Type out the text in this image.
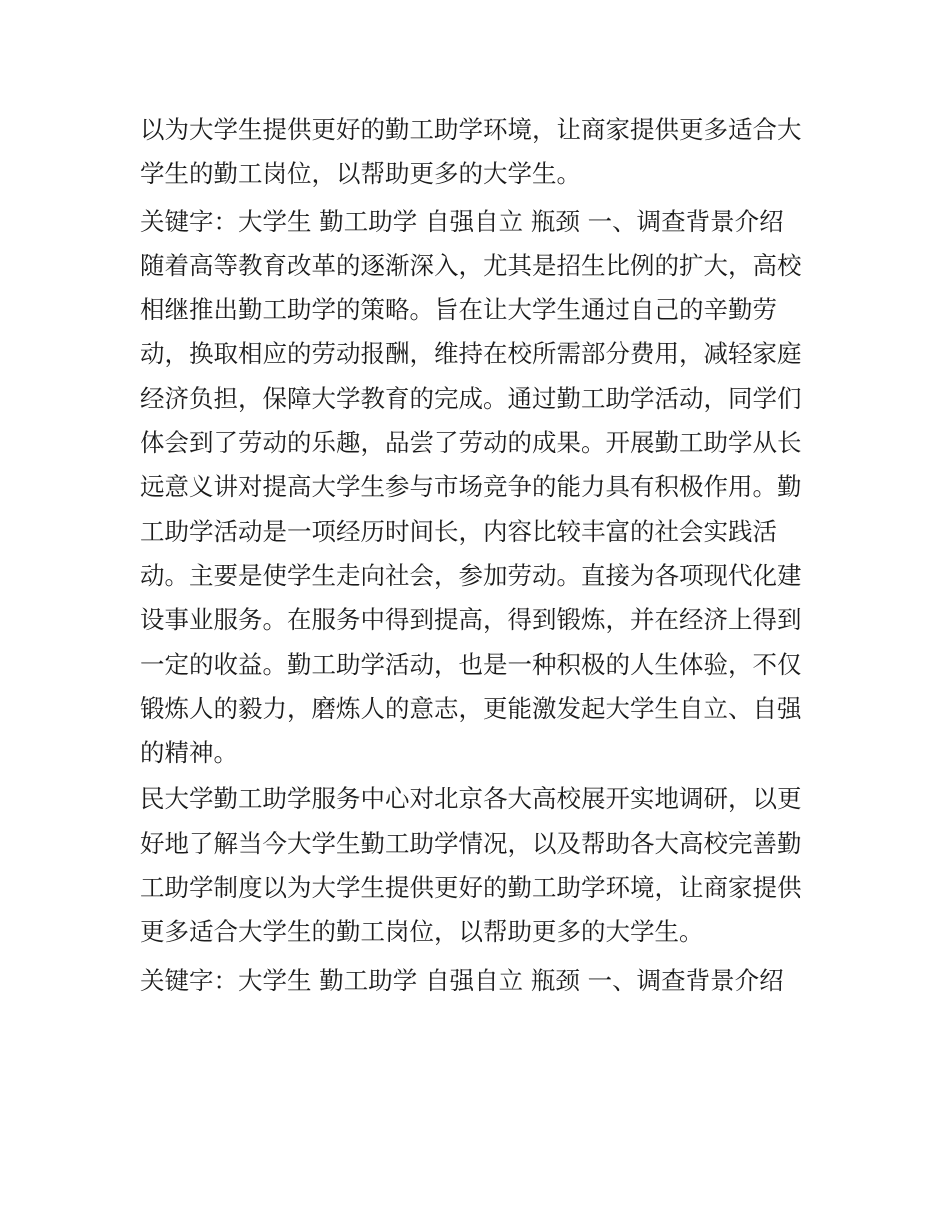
以为大学生提供更好的勤工助学环境，让商家提供更多适合大
学生的勤工岗位，以帮助更多的大学生。
关键字：大学生 勤工助学 自强自立 瓶颈 一、调查背景介绍
随着高等教育改革的逐渐深入，尤其是招生比例的扩大，高校
相继推出勤工助学的策略。旨在让大学生通过自己的辛勤劳
动，换取相应的劳动报酬，维持在校所需部分费用，减轻家庭
经济负担，保障大学教育的完成。通过勤工助学活动，同学们
体会到了劳动的乐趣，品尝了劳动的成果。开展勤工助学从长
远意义讲对提高大学生参与市场竞争的能力具有积极作用。勤
工助学活动是一项经历时间长，内容比较丰富的社会实践活
动。主要是使学生走向社会，参加劳动。直接为各项现代化建
设事业服务。在服务中得到提高，得到锻炼，并在经济上得到
一定的收益。勤工助学活动，也是一种积极的人生体验，不仅
锻炼人的毅力，磨炼人的意志，更能激发起大学生自立、自强
的精神。
民大学勤工助学服务中心对北京各大高校展开实地调研，以更
好地了解当今大学生勤工助学情况，以及帮助各大高校完善勤
工助学制度以为大学生提供更好的勤工助学环境，让商家提供
更多适合大学生的勤工岗位，以帮助更多的大学生。
关键字：大学生 勤工助学 自强自立 瓶颈 一、调查背景介绍
